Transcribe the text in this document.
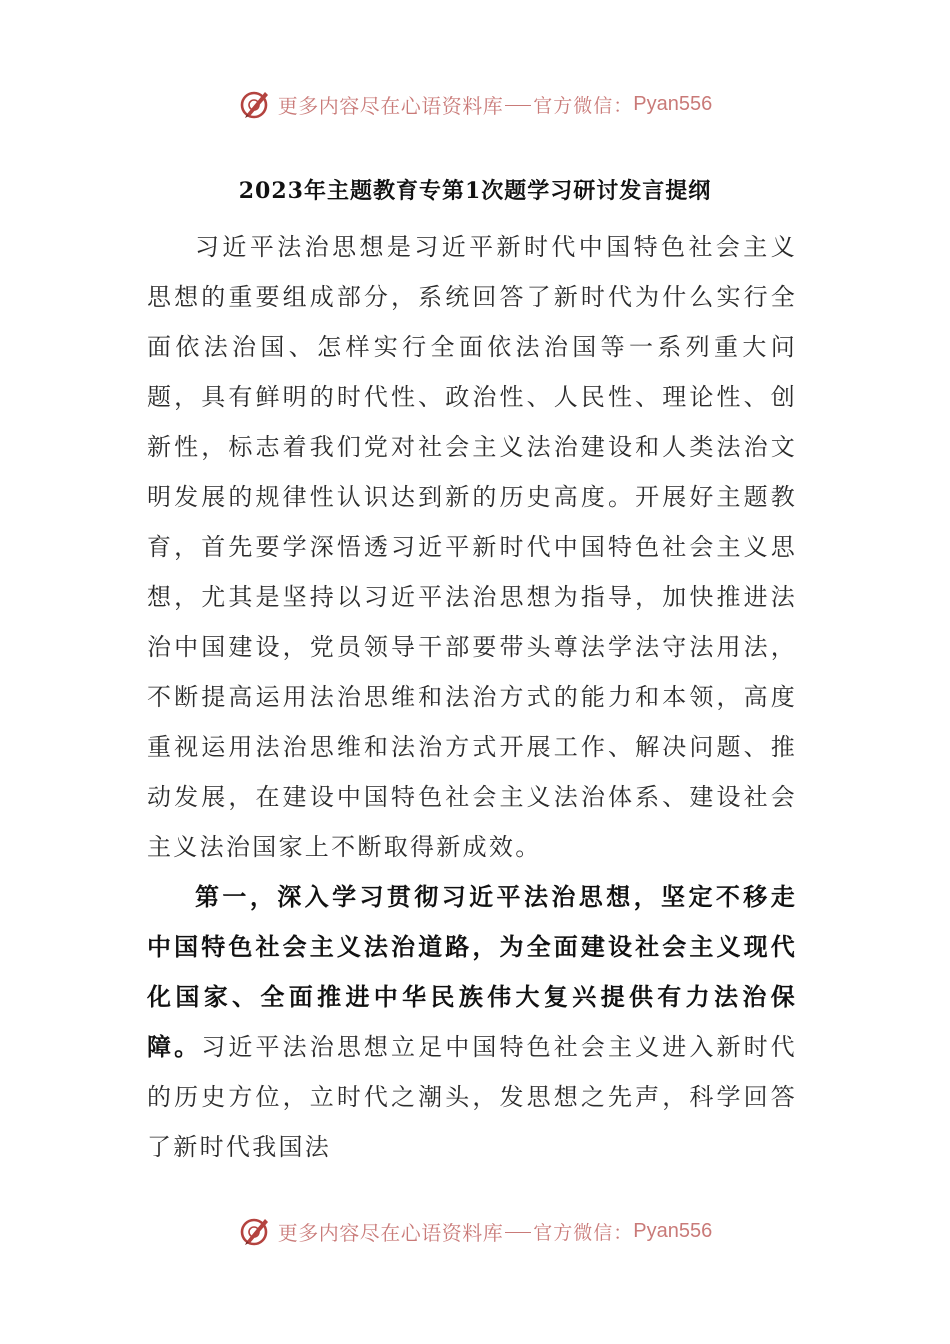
更多内容尽在心语资料库 官方微信： Pyan556
2023年主题教育专第1次题学习研讨发言提纲

习近平法治思想是习近平新时代中国特色社会主义思想的重要组成部分，系统回答了新时代为什么实行全面依法治国、怎样实行全面依法治国等一系列重大问题，具有鲜明的时代性、政治性、人民性、理论性、创新性，标志着我们党对社会主义法治建设和人类法治文明发展的规律性认识达到新的历史高度。开展好主题教育，首先要学深悟透习近平新时代中国特色社会主义思想，尤其是坚持以习近平法治思想为指导，加快推进法治中国建设，党员领导干部要带头尊法学法守法用法，不断提高运用法治思维和法治方式的能力和本领，高度重视运用法治思维和法治方式开展工作、解决问题、推动发展，在建设中国特色社会主义法治体系、建设社会主义法治国家上不断取得新成效。

第一，深入学习贯彻习近平法治思想，坚定不移走中国特色社会主义法治道路，为全面建设社会主义现代化国家、全面推进中华民族伟大复兴提供有力法治保障。习近平法治思想立足中国特色社会主义进入新时代的历史方位，立时代之潮头，发思想之先声，科学回答了新时代我国法

更多内容尽在心语资料库 官方微信： Pyan556
